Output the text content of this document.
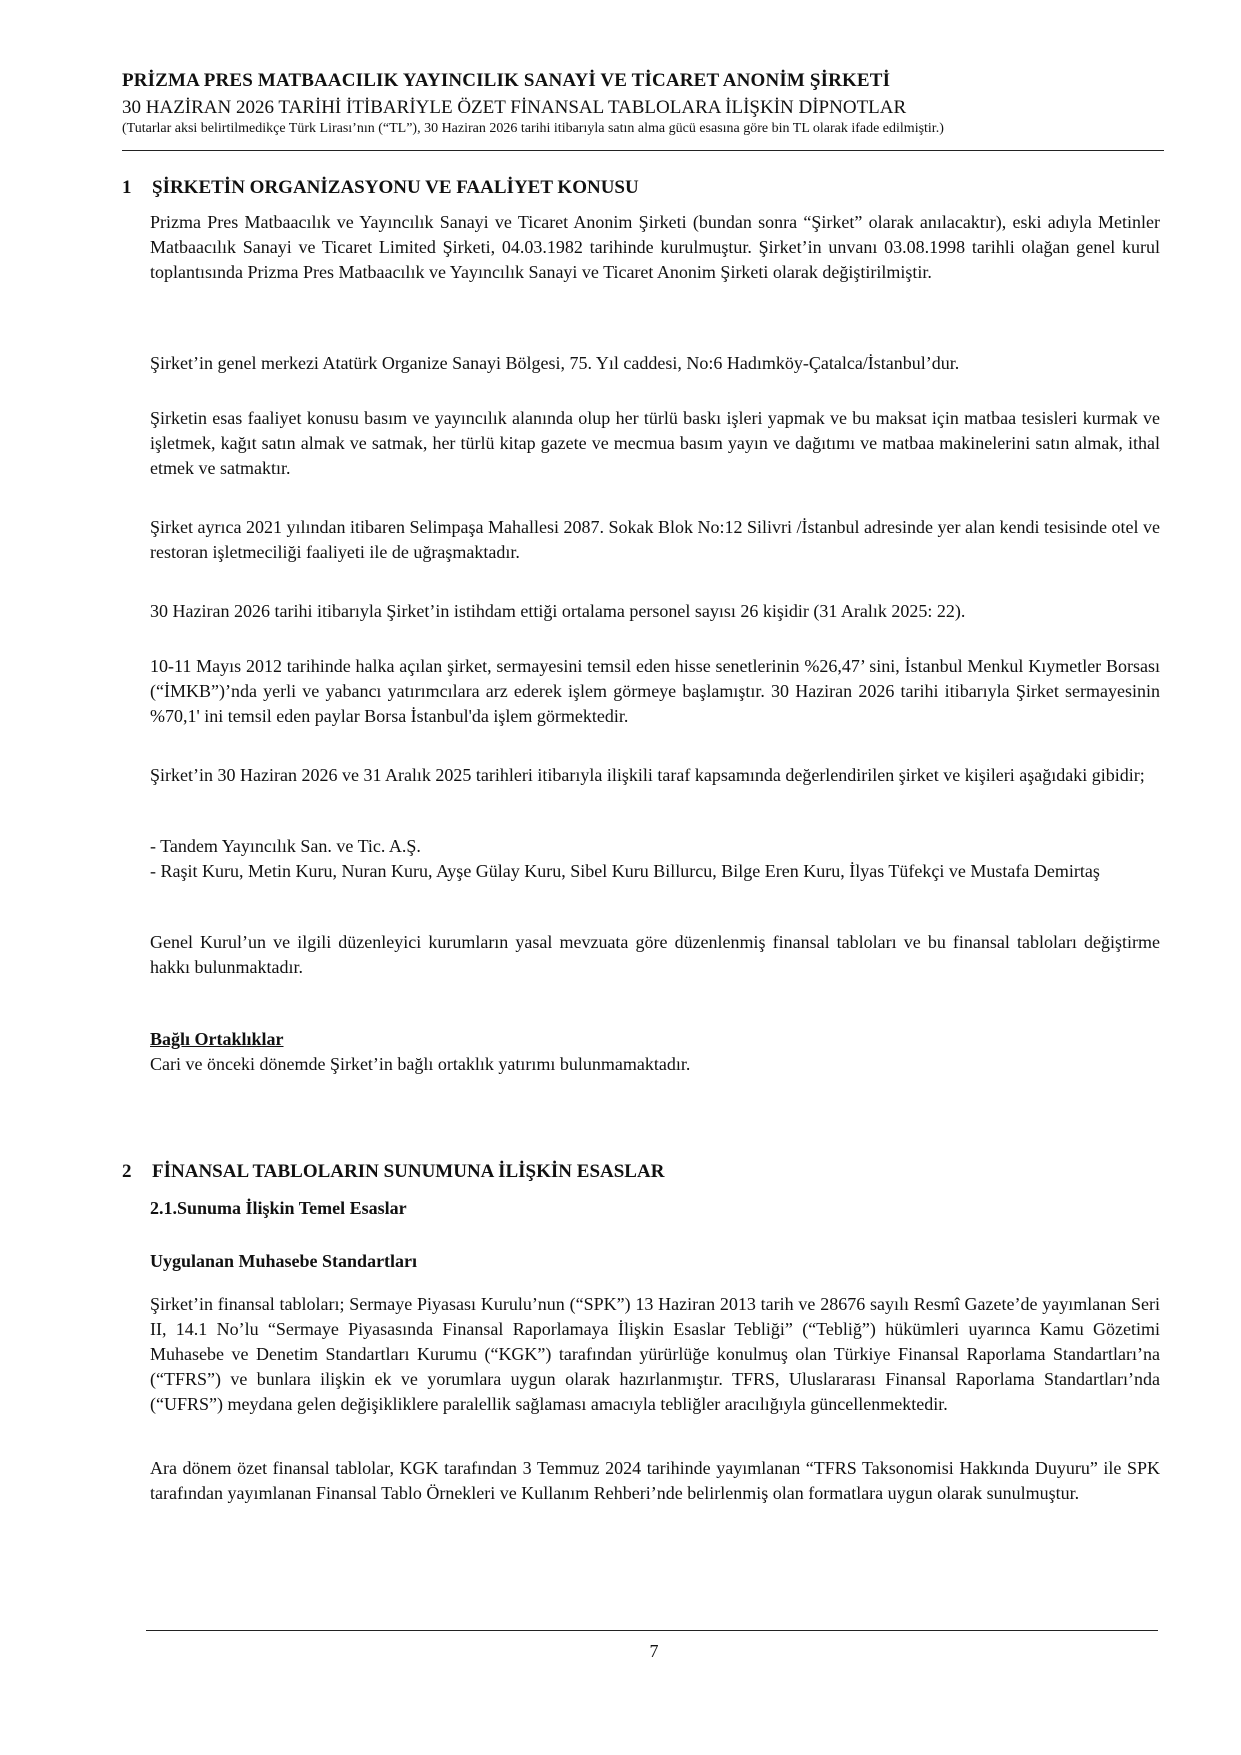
PRİZMA PRES MATBAACILIK YAYINCILIK SANAYİ VE TİCARET ANONİM ŞİRKETİ
30 HAZİRAN 2026 TARİHİ İTİBARİYLE ÖZET FİNANSAL TABLOLARA İLİŞKİN DİPNOTLAR
(Tutarlar aksi belirtilmedikçe Türk Lirası’nın (“TL”), 30 Haziran 2026 tarihi itibarıyla satın alma gücü esasına göre bin TL olarak ifade edilmiştir.)
1 ŞİRKETİN ORGANİZASYONU VE FAALİYET KONUSU

Prizma Pres Matbaacılık ve Yayıncılık Sanayi ve Ticaret Anonim Şirketi (bundan sonra “Şirket” olarak anılacaktır), eski adıyla Metinler Matbaacılık Sanayi ve Ticaret Limited Şirketi, 04.03.1982 tarihinde kurulmuştur. Şirket’in unvanı 03.08.1998 tarihli olağan genel kurul toplantısında Prizma Pres Matbaacılık ve Yayıncılık Sanayi ve Ticaret Anonim Şirketi olarak değiştirilmiştir.

Şirket’in genel merkezi Atatürk Organize Sanayi Bölgesi, 75. Yıl caddesi, No:6 Hadımköy-Çatalca/İstanbul’dur.

Şirketin esas faaliyet konusu basım ve yayıncılık alanında olup her türlü baskı işleri yapmak ve bu maksat için matbaa tesisleri kurmak ve işletmek, kağıt satın almak ve satmak, her türlü kitap gazete ve mecmua basım yayın ve dağıtımı ve matbaa makinelerini satın almak, ithal etmek ve satmaktır.

Şirket ayrıca 2021 yılından itibaren Selimpaşa Mahallesi 2087. Sokak Blok No:12 Silivri /İstanbul adresinde yer alan kendi tesisinde otel ve restoran işletmeciliği faaliyeti ile de uğraşmaktadır.

30 Haziran 2026 tarihi itibarıyla Şirket’in istihdam ettiği ortalama personel sayısı 26 kişidir (31 Aralık 2025: 22).

10-11 Mayıs 2012 tarihinde halka açılan şirket, sermayesini temsil eden hisse senetlerinin %26,47’ sini, İstanbul Menkul Kıymetler Borsası (“İMKB”)’nda yerli ve yabancı yatırımcılara arz ederek işlem görmeye başlamıştır. 30 Haziran 2026 tarihi itibarıyla Şirket sermayesinin %70,1' ini temsil eden paylar Borsa İstanbul'da işlem görmektedir.

Şirket’in 30 Haziran 2026 ve 31 Aralık 2025 tarihleri itibarıyla ilişkili taraf kapsamında değerlendirilen şirket ve kişileri aşağıdaki gibidir;

- Tandem Yayıncılık San. ve Tic. A.Ş.

- Raşit Kuru, Metin Kuru, Nuran Kuru, Ayşe Gülay Kuru, Sibel Kuru Billurcu, Bilge Eren Kuru, İlyas Tüfekçi ve Mustafa Demirtaş

Genel Kurul’un ve ilgili düzenleyici kurumların yasal mevzuata göre düzenlenmiş finansal tabloları ve bu finansal tabloları değiştirme hakkı bulunmaktadır.

Bağlı Ortaklıklar

Cari ve önceki dönemde Şirket’in bağlı ortaklık yatırımı bulunmamaktadır.

2 FİNANSAL TABLOLARIN SUNUMUNA İLİŞKİN ESASLAR

2.1.Sunuma İlişkin Temel Esaslar

Uygulanan Muhasebe Standartları

Şirket’in finansal tabloları; Sermaye Piyasası Kurulu’nun (“SPK”) 13 Haziran 2013 tarih ve 28676 sayılı Resmî Gazete’de yayımlanan Seri II, 14.1 No’lu “Sermaye Piyasasında Finansal Raporlamaya İlişkin Esaslar Tebliği” (“Tebliğ”) hükümleri uyarınca Kamu Gözetimi Muhasebe ve Denetim Standartları Kurumu (“KGK”) tarafından yürürlüğe konulmuş olan Türkiye Finansal Raporlama Standartları’na (“TFRS”) ve bunlara ilişkin ek ve yorumlara uygun olarak hazırlanmıştır. TFRS, Uluslararası Finansal Raporlama Standartları’nda (“UFRS”) meydana gelen değişikliklere paralellik sağlaması amacıyla tebliğler aracılığıyla güncellenmektedir.

Ara dönem özet finansal tablolar, KGK tarafından 3 Temmuz 2024 tarihinde yayımlanan “TFRS Taksonomisi Hakkında Duyuru” ile SPK tarafından yayımlanan Finansal Tablo Örnekleri ve Kullanım Rehberi’nde belirlenmiş olan formatlara uygun olarak sunulmuştur.

7
